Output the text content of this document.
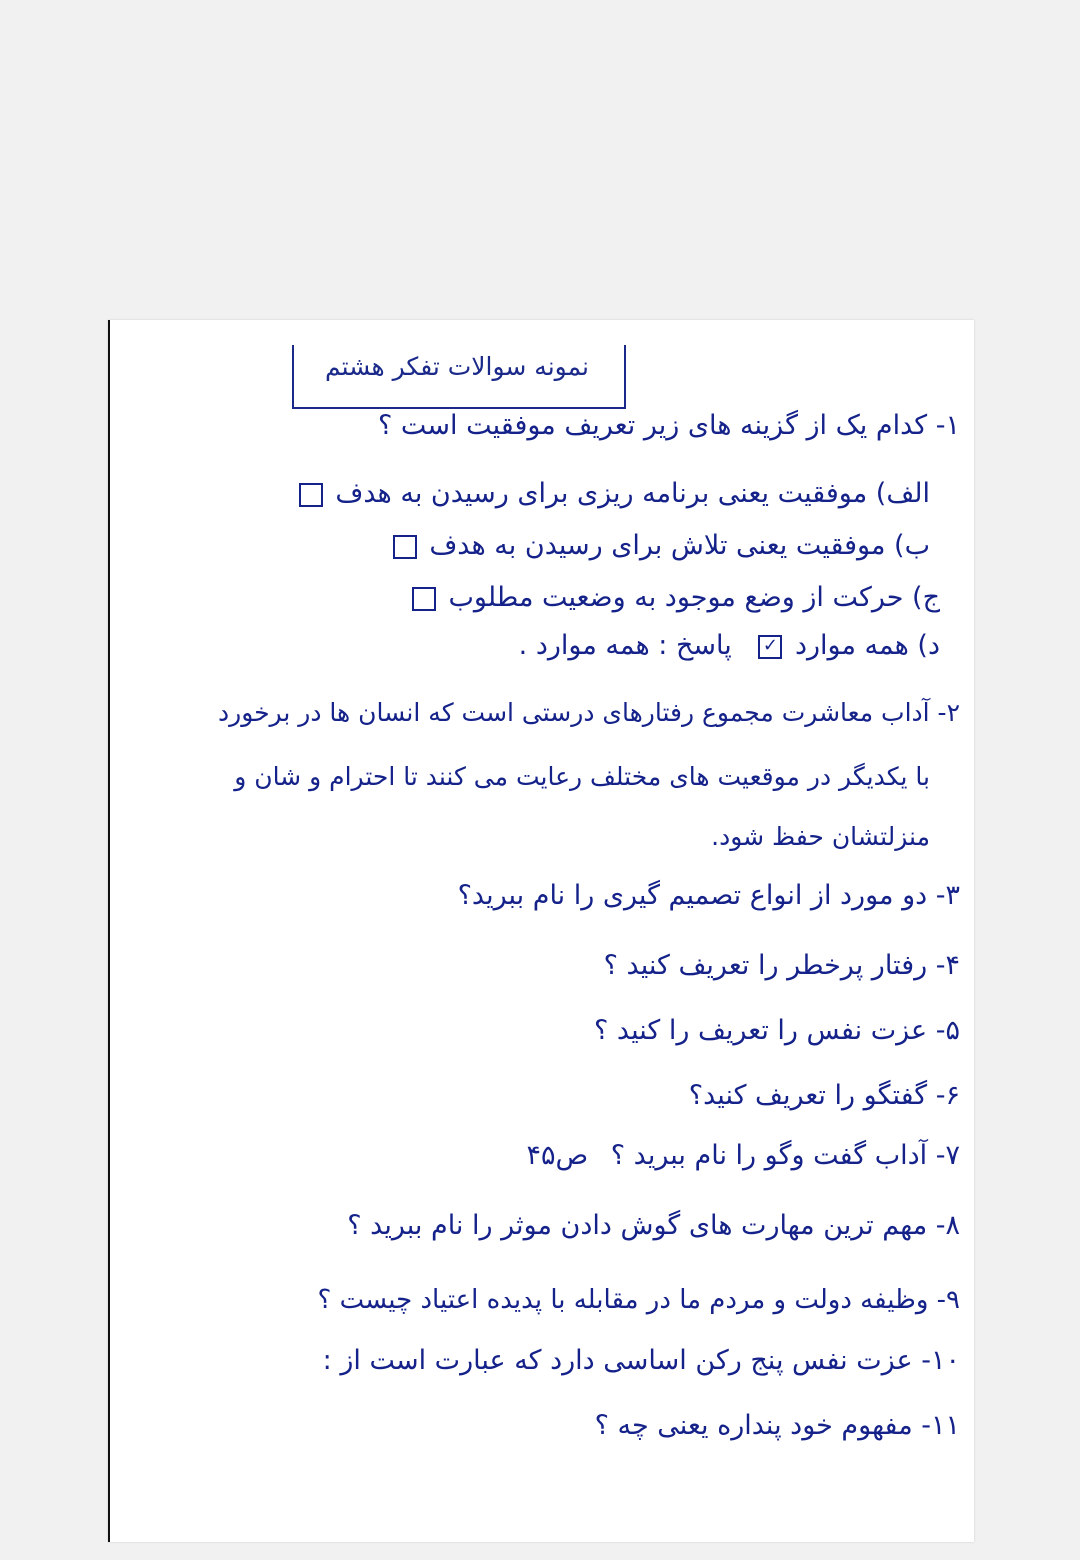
نمونه سوالات تفکر هشتم
۱- کدام یک از گزینه های زیر تعریف موفقیت است ؟
الف) موفقیت یعنی برنامه ریزی برای رسیدن به هدف
ب) موفقیت یعنی تلاش برای رسیدن به هدف
ج) حرکت از وضع موجود به وضعیت مطلوب
د) همه موارد ✓ پاسخ : همه موارد .
۲- آداب معاشرت مجموع رفتارهای درستی است که انسان ها در برخورد
با یکدیگر در موقعیت های مختلف رعایت می کنند تا احترام و شان و
منزلتشان حفظ شود.
۳- دو مورد از انواع تصمیم گیری را نام ببرید؟
۴- رفتار پرخطر را تعریف کنید ؟
۵- عزت نفس را تعریف را کنید ؟
۶- گفتگو را تعریف کنید؟
۷- آداب گفت وگو را نام ببرید ؟ ص۴۵
۸- مهم ترین مهارت های گوش دادن موثر را نام ببرید ؟
۹- وظیفه دولت و مردم ما در مقابله با پدیده اعتیاد چیست ؟
۱۰- عزت نفس پنج رکن اساسی دارد که عبارت است از :
۱۱- مفهوم خود پنداره یعنی چه ؟
